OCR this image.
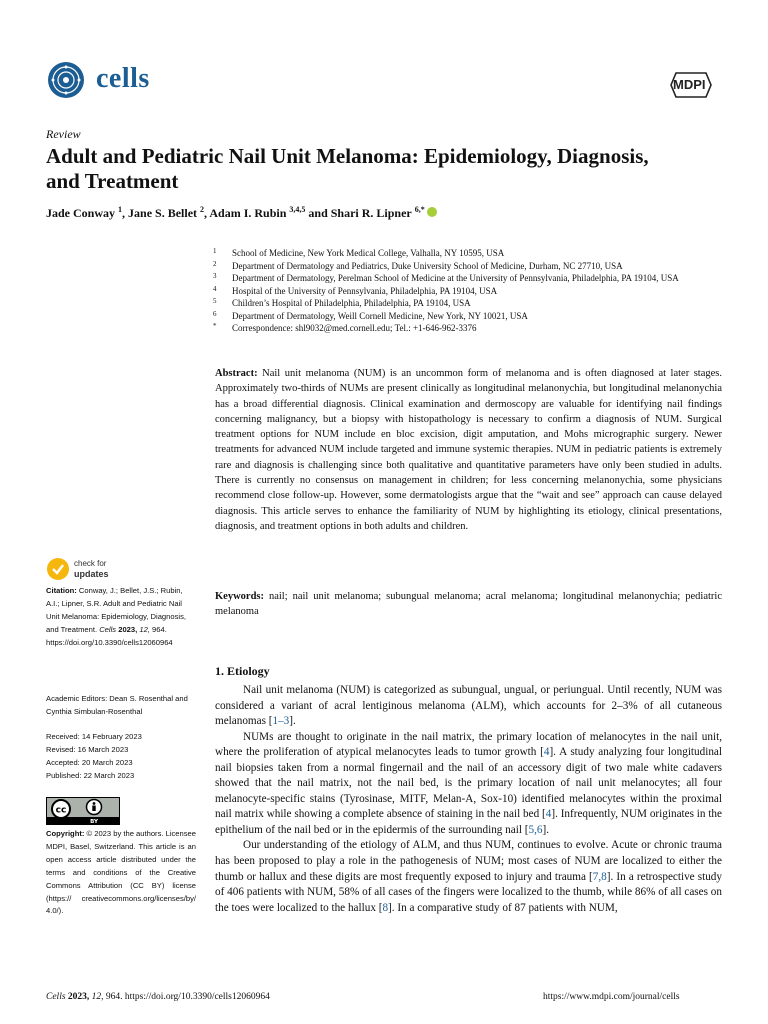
cells	MDPI
Review
Adult and Pediatric Nail Unit Melanoma: Epidemiology, Diagnosis, and Treatment
Jade Conway $^1$, Jane S. Bellet $^2$, Adam I. Rubin $^{3,4,5}$ and Shari R. Lipner $^{6,*}$
1	School of Medicine, New York Medical College, Valhalla, NY 10595, USA
2	Department of Dermatology and Pediatrics, Duke University School of Medicine, Durham, NC 27710, USA
3	Department of Dermatology, Perelman School of Medicine at the University of Pennsylvania, Philadelphia, PA 19104, USA
4	Hospital of the University of Pennsylvania, Philadelphia, PA 19104, USA
5	Children’s Hospital of Philadelphia, Philadelphia, PA 19104, USA
6	Department of Dermatology, Weill Cornell Medicine, New York, NY 10021, USA
*	Correspondence: shl9032@med.cornell.edu; Tel.: +1-646-962-3376
Abstract: Nail unit melanoma (NUM) is an uncommon form of melanoma and is often diagnosed at later stages. Approximately two-thirds of NUMs are present clinically as longitudinal melanonychia, but longitudinal melanonychia has a broad differential diagnosis. Clinical examination and dermoscopy are valuable for identifying nail findings concerning malignancy, but a biopsy with histopathology is necessary to confirm a diagnosis of NUM. Surgical treatment options for NUM include en bloc excision, digit amputation, and Mohs micrographic surgery. Newer treatments for advanced NUM include targeted and immune systemic therapies. NUM in pediatric patients is extremely rare and diagnosis is challenging since both qualitative and quantitative parameters have only been studied in adults. There is currently no consensus on management in children; for less concerning melanonychia, some physicians recommend close follow-up. However, some dermatologists argue that the “wait and see” approach can cause delayed diagnosis. This article serves to enhance the familiarity of NUM by highlighting its etiology, clinical presentations, diagnosis, and treatment options in both adults and children.
Keywords: nail; nail unit melanoma; subungual melanoma; acral melanoma; longitudinal melanonychia; pediatric melanoma
1. Etiology

Nail unit melanoma (NUM) is categorized as subungual, ungual, or periungual. Until recently, NUM was considered a variant of acral lentiginous melanoma (ALM), which accounts for 2–3% of all cutaneous melanomas [1–3].

NUMs are thought to originate in the nail matrix, the primary location of melanocytes in the nail unit, where the proliferation of atypical melanocytes leads to tumor growth [4]. A study analyzing four longitudinal nail biopsies taken from a normal fingernail and the nail of an accessory digit of two male white cadavers showed that the nail matrix, not the nail bed, is the primary location of nail unit melanocytes; all four melanocyte-specific stains (Tyrosinase, MITF, Melan-A, Sox-10) identified melanocytes within the proximal nail matrix while showing a complete absence of staining in the nail bed [4]. Infrequently, NUM originates in the epithelium of the nail bed or in the epidermis of the surrounding nail [5,6].

Our understanding of the etiology of ALM, and thus NUM, continues to evolve. Acute or chronic trauma has been proposed to play a role in the pathogenesis of NUM; most cases of NUM are localized to either the thumb or hallux and these digits are most frequently exposed to injury and trauma [7,8]. In a retrospective study of 406 patients with NUM, 58% of all cases of the fingers were localized to the thumb, while 86% of all cases on the toes were localized to the hallux [8]. In a comparative study of 87 patients with NUM,

check for
updates
Citation: Conway, J.; Bellet, J.S.; Rubin, A.I.; Lipner, S.R. Adult and Pediatric Nail Unit Melanoma: Epidemiology, Diagnosis, and Treatment. Cells 2023, 12, 964. https://doi.org/10.3390/cells12060964
Academic Editors: Dean S. Rosenthal and Cynthia Simbulan-Rosenthal
Received: 14 February 2023
Revised: 16 March 2023
Accepted: 20 March 2023
Published: 22 March 2023
cc
BY
Copyright: © 2023 by the authors. Licensee MDPI, Basel, Switzerland. This article is an open access article distributed under the terms and conditions of the Creative Commons Attribution (CC BY) license (https:// creativecommons.org/licenses/by/ 4.0/).
Cells 2023, 12, 964. https://doi.org/10.3390/cells12060964	https://www.mdpi.com/journal/cells
